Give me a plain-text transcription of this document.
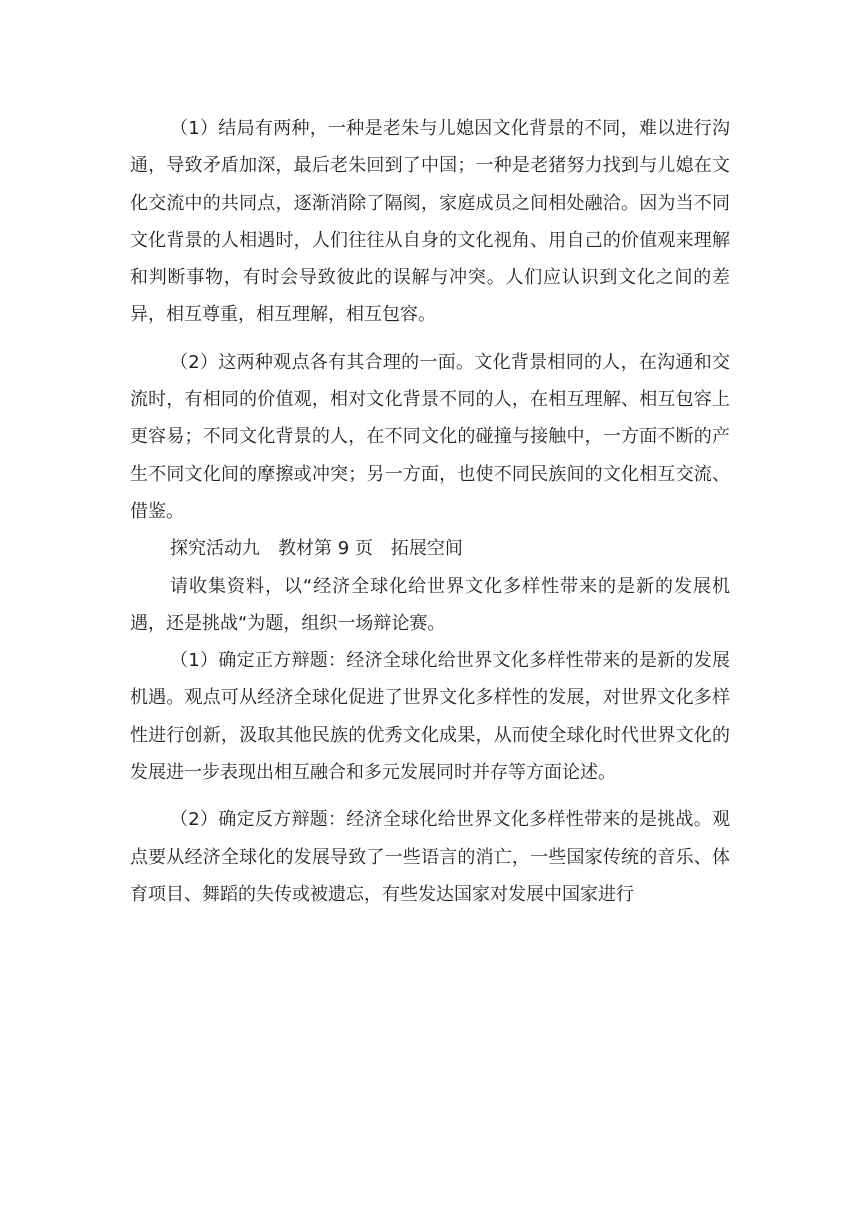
（1）结局有两种，一种是老朱与儿媳因文化背景的不同，难以进行沟通，导致矛盾加深，最后老朱回到了中国；一种是老猪努力找到与儿媳在文化交流中的共同点，逐渐消除了隔阂，家庭成员之间相处融洽。因为当不同文化背景的人相遇时，人们往往从自身的文化视角、用自己的价值观来理解和判断事物，有时会导致彼此的误解与冲突。人们应认识到文化之间的差异，相互尊重，相互理解，相互包容。

（2）这两种观点各有其合理的一面。文化背景相同的人，在沟通和交流时，有相同的价值观，相对文化背景不同的人，在相互理解、相互包容上更容易；不同文化背景的人，在不同文化的碰撞与接触中，一方面不断的产生不同文化间的摩擦或冲突；另一方面，也使不同民族间的文化相互交流、借鉴。

探究活动九　教材第 9 页　拓展空间

请收集资料，以“经济全球化给世界文化多样性带来的是新的发展机遇，还是挑战“为题，组织一场辩论赛。

（1）确定正方辩题：经济全球化给世界文化多样性带来的是新的发展机遇。观点可从经济全球化促进了世界文化多样性的发展，对世界文化多样性进行创新，汲取其他民族的优秀文化成果，从而使全球化时代世界文化的发展进一步表现出相互融合和多元发展同时并存等方面论述。

（2）确定反方辩题：经济全球化给世界文化多样性带来的是挑战。观点要从经济全球化的发展导致了一些语言的消亡，一些国家传统的音乐、体育项目、舞蹈的失传或被遗忘，有些发达国家对发展中国家进行
